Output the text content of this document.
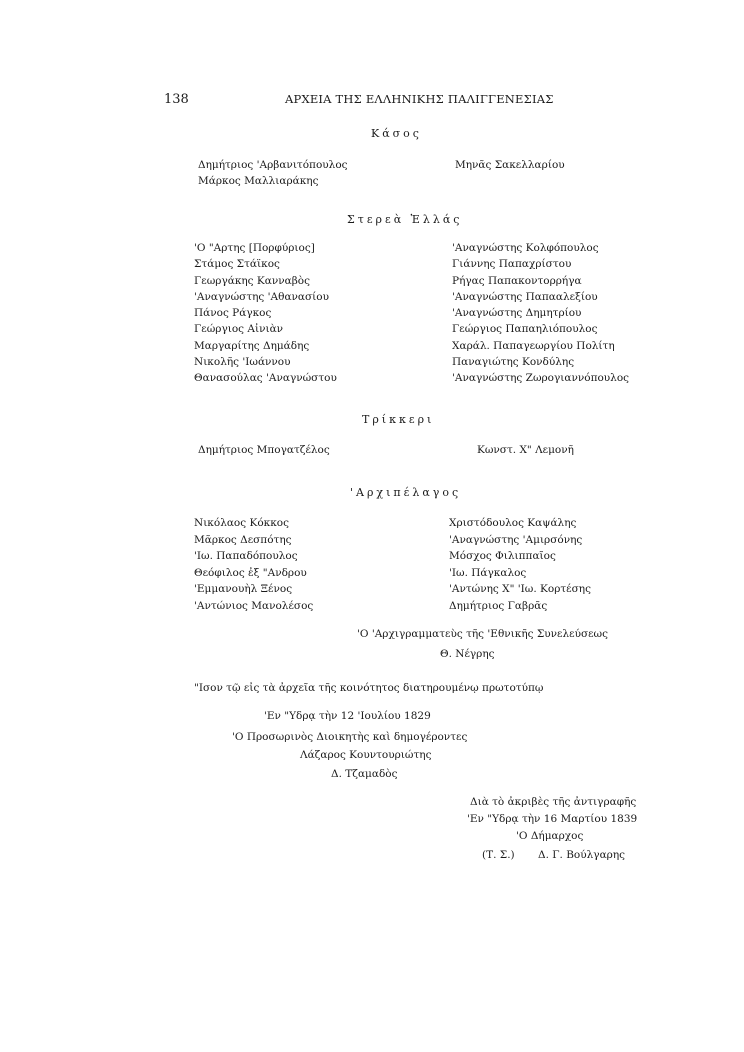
138	ΑΡΧΕΙΑ ΤΗΣ ΕΛΛΗΝΙΚΗΣ ΠΑΛΙΓΓΕΝΕΣΙΑΣ
Κάσος
Δημήτριος 'Αρβανιτόπουλος
Μάρκος Μαλλιαράκης
Μηνᾶς Σακελλαρίου
Στερεὰ Ἑλλάς
'Ο "Αρτης [Πορφύριος]
Στάμος Στάϊκος
Γεωργάκης Κανναβὸς
'Αναγνώστης 'Αθανασίου
Πάνος Ράγκος
Γεώργιος Αἰνιὰν
Μαργαρίτης Δημάδης
Νικολῆς 'Ιωάννου
Θανασούλας 'Αναγνώστου
'Αναγνώστης Κολφόπουλος
Γιάννης Παπαχρίστου
Ρήγας Παπακοντορρήγα
'Αναγνώστης Παπααλεξίου
'Αναγνώστης Δημητρίου
Γεώργιος Παπαηλιόπουλος
Χαράλ. Παπαγεωργίου Πολίτη
Παναγιώτης Κονδύλης
'Αναγνώστης Ζωρογιαννόπουλος
Τρίκκερι
Δημήτριος Μπογατζέλος	Κωνστ. Χ" Λεμονῆ
'Αρχιπέλαγος
Νικόλαος Κόκκος
Μᾶρκος Δεσπότης
'Ιω. Παπαδόπουλος
Θεόφιλος ἐξ "Ανδρου
'Εμμανουὴλ Ξένος
'Αντώνιος Μανολέσος
Χριστόδουλος Καψάλης
'Αναγνώστης 'Αμιρσόνης
Μόσχος Φιλιππαῖος
'Ιω. Πάγκαλος
'Αντώνης Χ" 'Ιω. Κορτέσης
Δημήτριος Γαβρᾶς
'Ο 'Αρχιγραμματεὺς τῆς 'Εθνικῆς Συνελεύσεως
Θ. Νέγρης
"Ισον τῷ εἰς τὰ ἀρχεῖα τῆς κοινότητος διατηρουμένῳ πρωτοτύπῳ
'Εν "Υδρᾳ τὴν 12 'Ιουλίου 1829
'Ο Προσωρινὸς Διοικητὴς καὶ δημογέροντες
Λάζαρος Κουντουριώτης
Δ. Τζαμαδὸς
Διὰ τὸ ἀκριβὲς τῆς ἀντιγραφῆς
'Εν "Υδρᾳ τὴν 16 Μαρτίου 1839
'Ο Δήμαρχος
(Τ. Σ.) Δ. Γ. Βούλγαρης
